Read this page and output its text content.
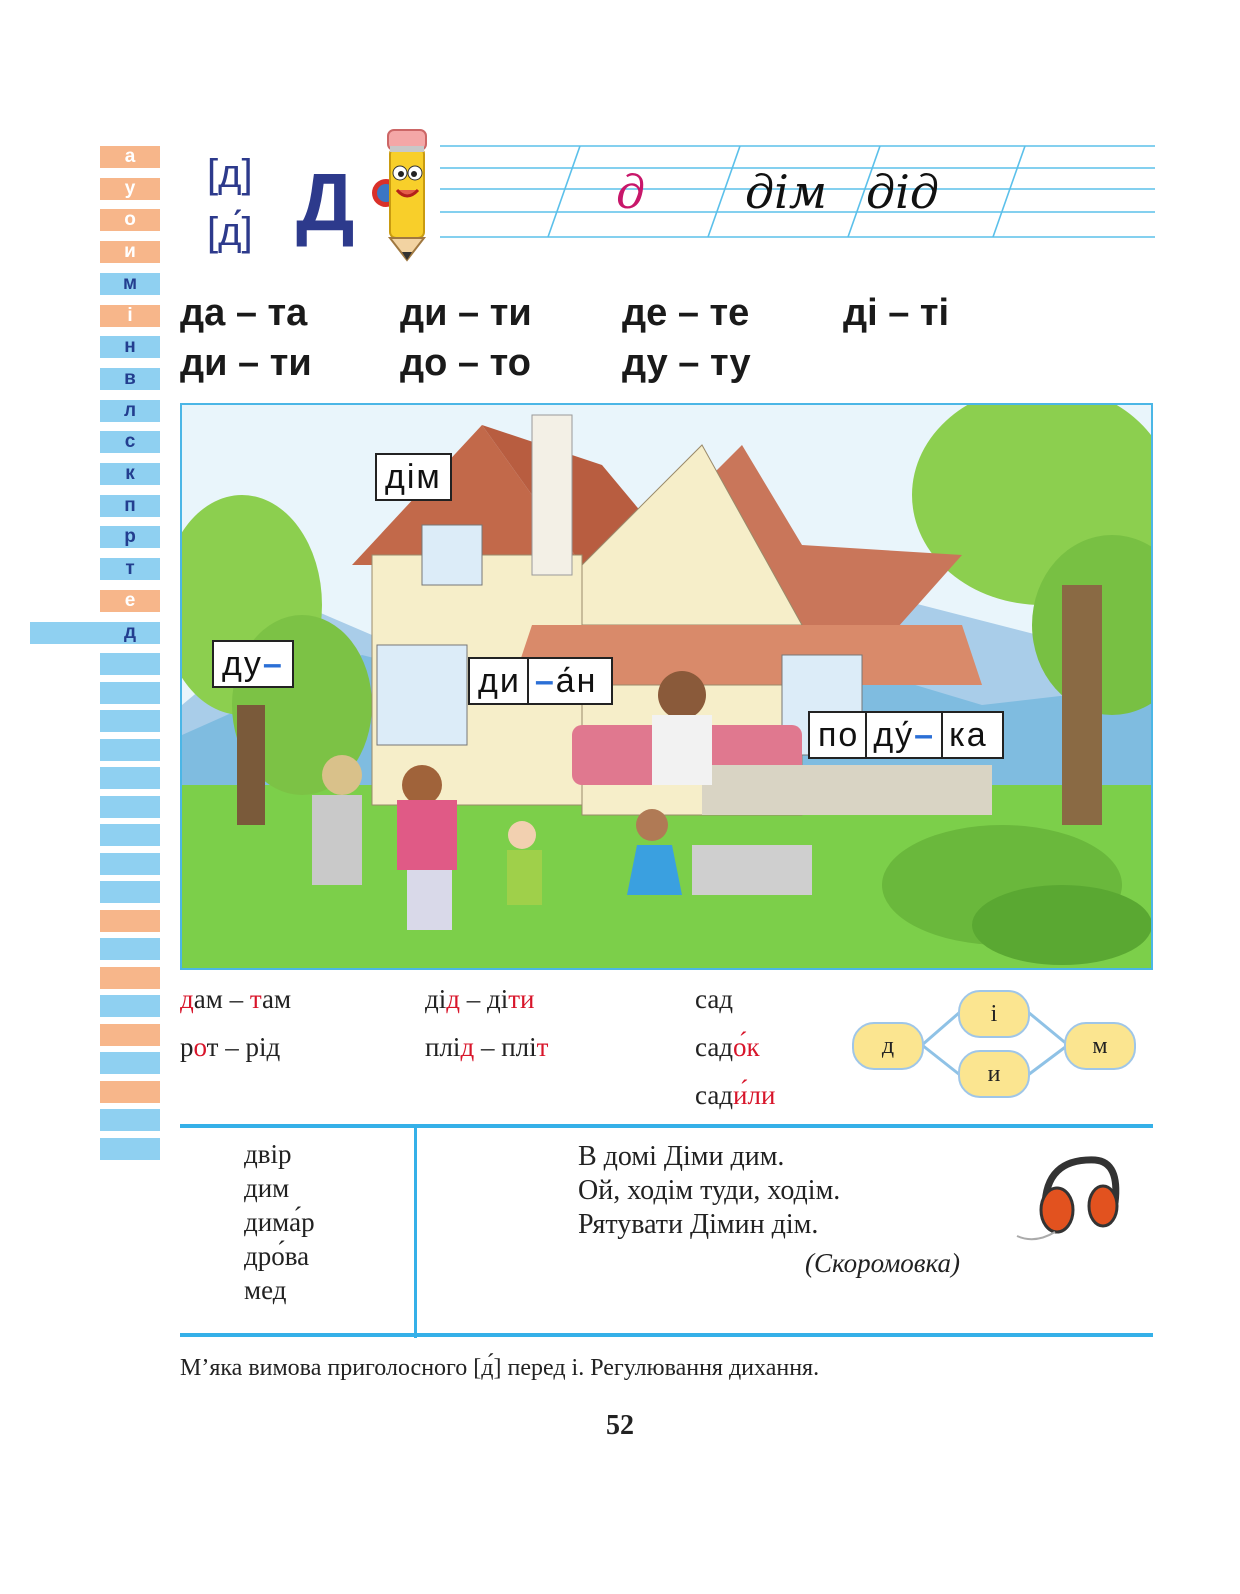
а
у
о
и
м
і
н
в
л
с
к
п
р
т
е
д
[д]
[д́] Д	д дім дід
да – та ди – ти де – те ді – ті
ди – ти до – то ду – ту
дім
ду–	ди –а́н
по ду́– ка
дам – там
рот – рід
дід – діти
плід – пліт
сад
садо́к
сади́ли
д
і
и
м
двір
дим
дима́р
дро́ва
мед
В домі Діми дим.
Ой, ходім туди, ходім.
Рятувати Дімин дім.
(Скоромовка)
М’яка вимова приголосного [д́] перед і. Регулювання дихання.
52
